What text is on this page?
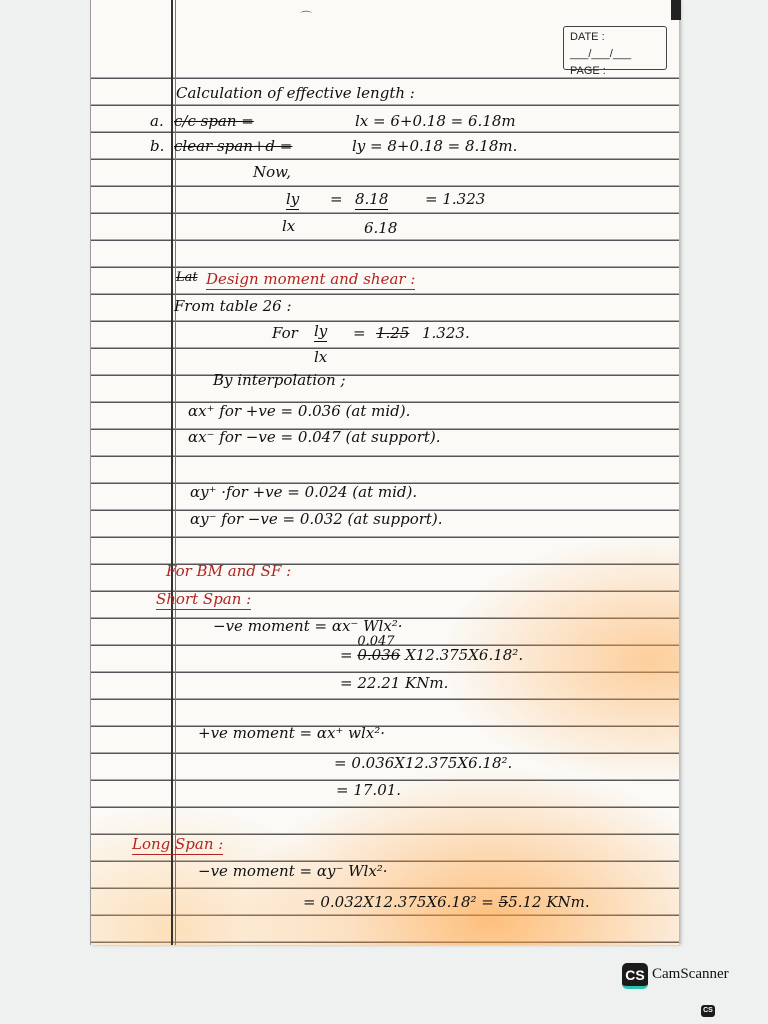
⌒
DATE : ___/___/___
PAGE :
Calculation of effective length :
a. c/c span =	lx = 6+0.18 = 6.18m
b. clear span+d =	ly = 8+0.18 = 8.18m.
Now,
ly = 8.18 = 1.323
lx	6.18
Lat Design moment and shear :
From table 26 :
For ly = 1.25 1.323.
lx
By interpolation ;
αx⁺ for +ve = 0.036 (at mid).
αx⁻ for −ve = 0.047 (at support).
αy⁺ ·for +ve = 0.024 (at mid).
αy⁻ for −ve = 0.032 (at support).
For BM and SF :
Short Span :
−ve moment = αx⁻ Wlx²·
= 0.036
0.047
X12.375X6.18².
= 22.21 KNm.
+ve moment = αx⁺ wlx²·
= 0.036X12.375X6.18².
= 17.01.
Long Span :
−ve moment = αy⁻ Wlx²·
= 0.032X12.375X6.18² = 55.12 KNm.
CS CamScanner
CS
